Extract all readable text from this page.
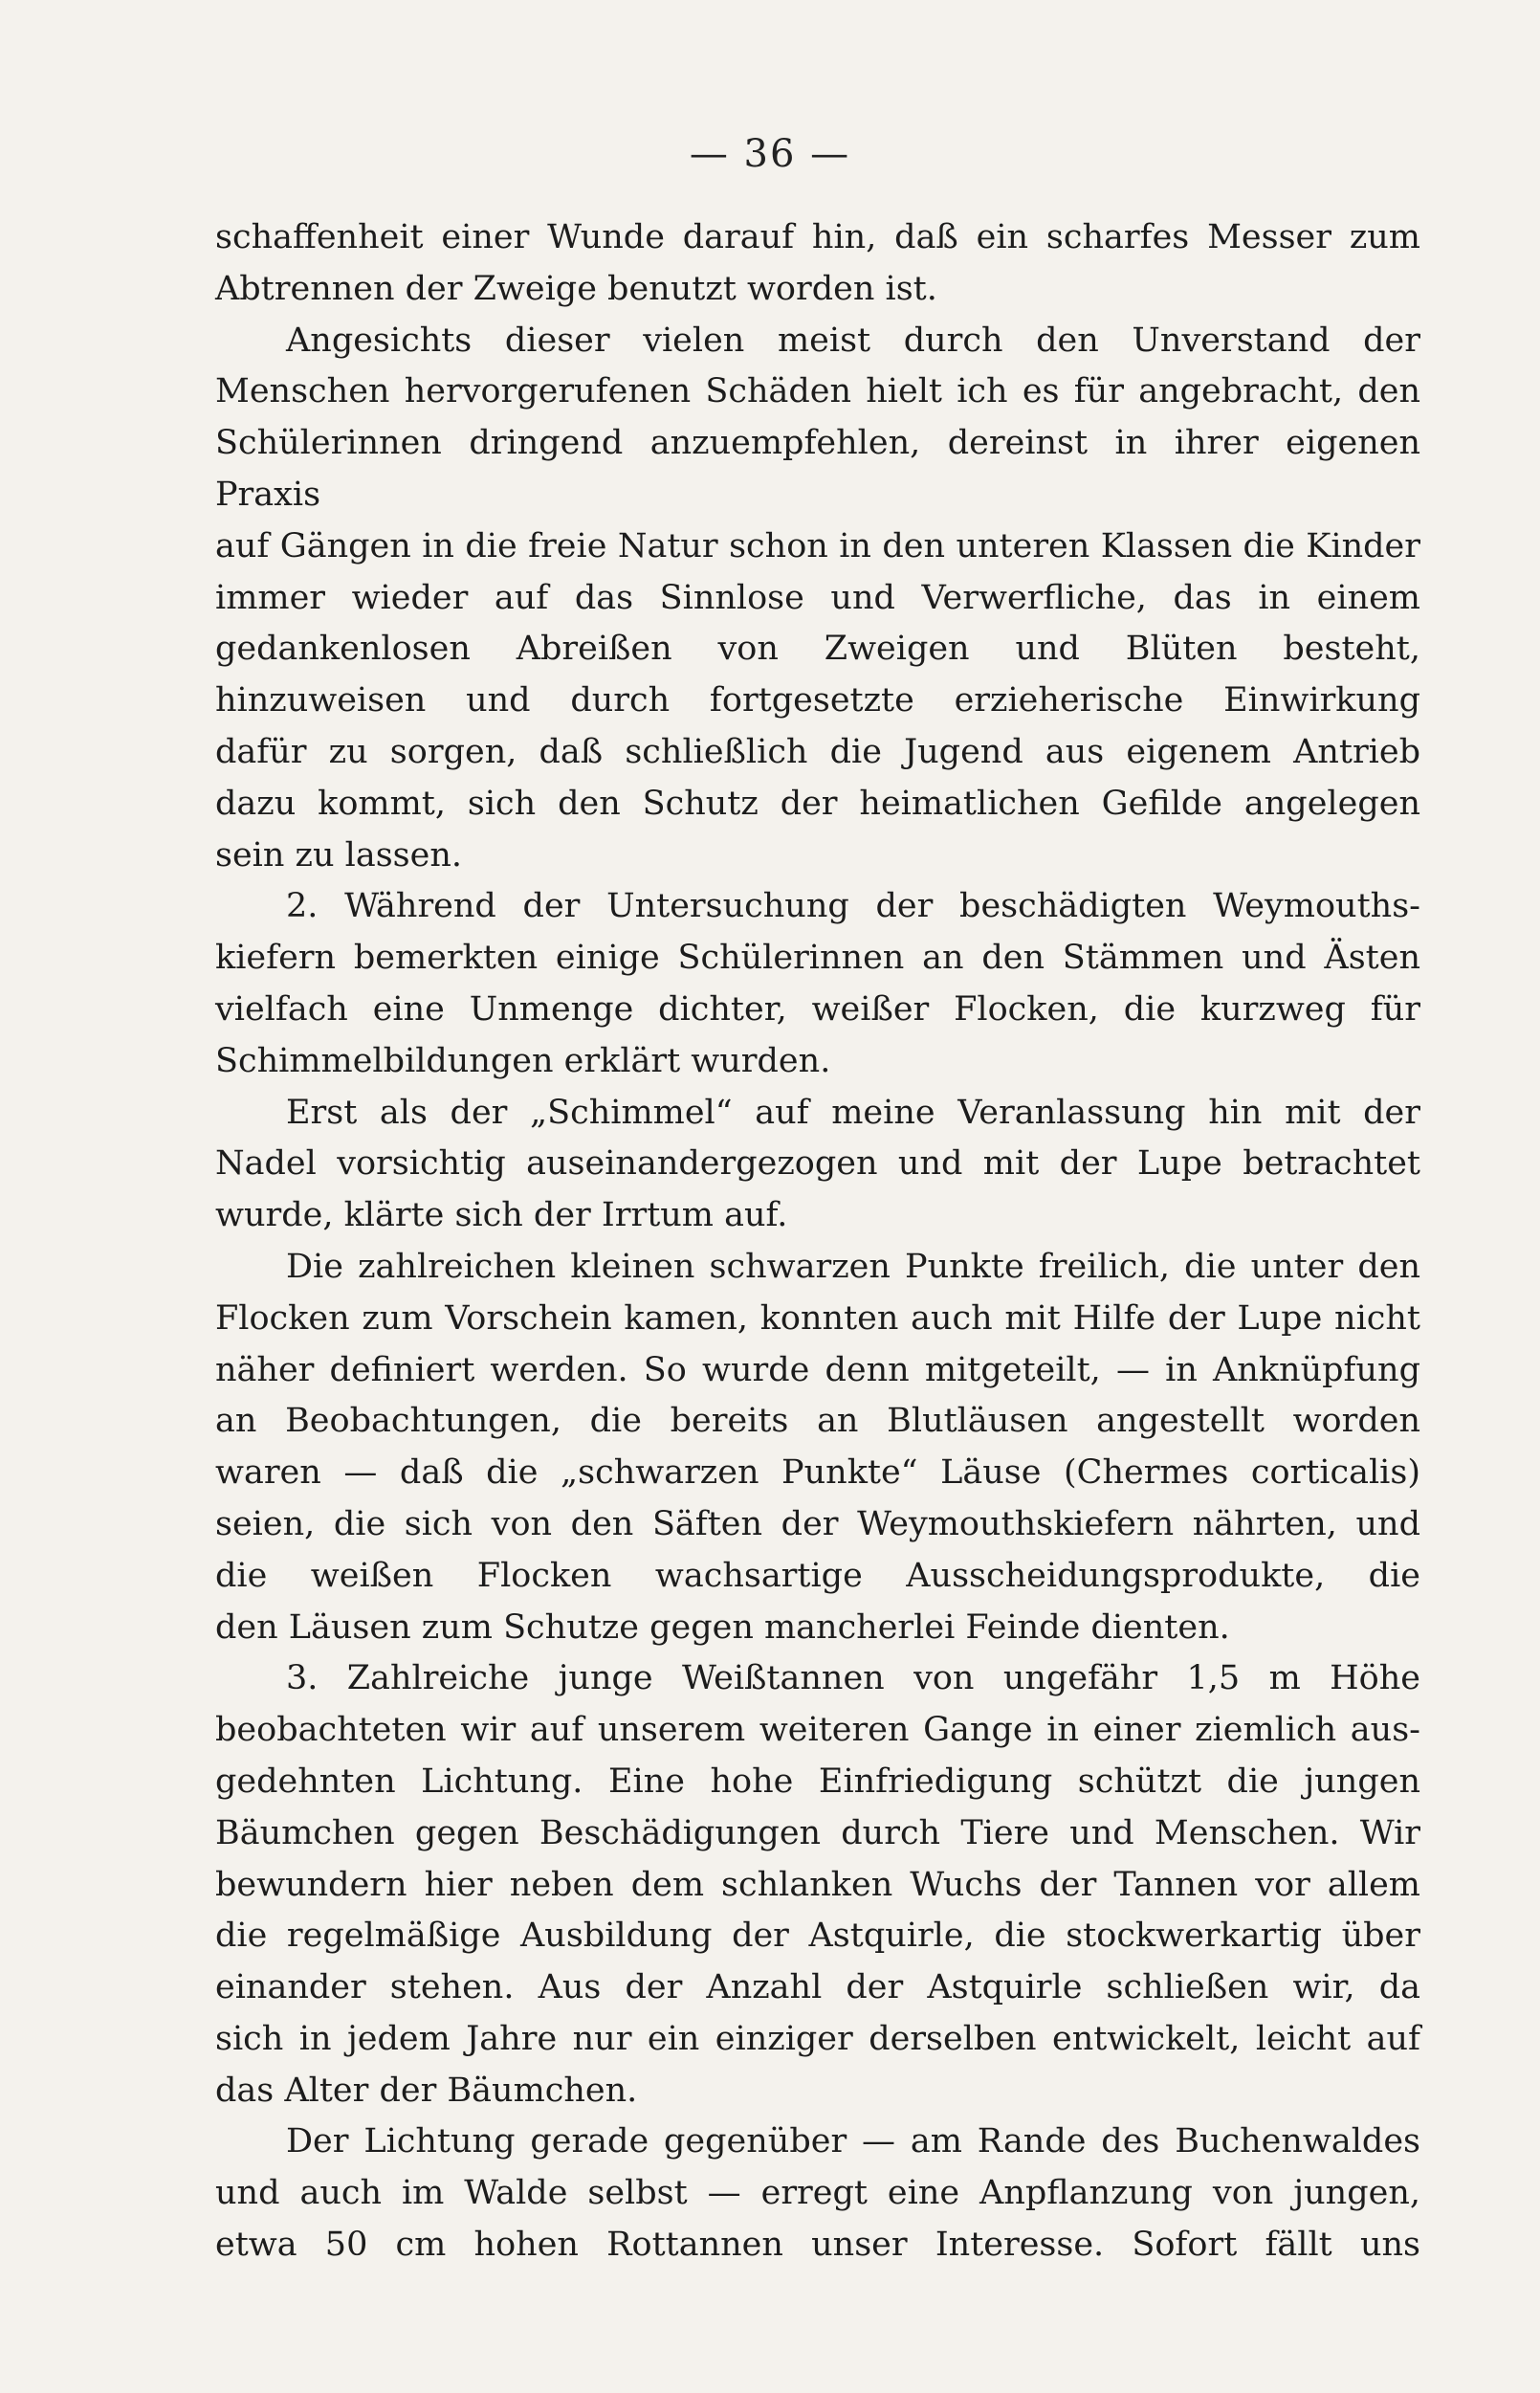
— 36 —

schaffenheit einer Wunde darauf hin, daß ein scharfes Messer zum

Abtrennen der Zweige benutzt worden ist.

Angesichts dieser vielen meist durch den Unverstand der

Menschen hervorgerufenen Schäden hielt ich es für angebracht, den

Schülerinnen dringend anzuempfehlen, dereinst in ihrer eigenen Praxis

auf Gängen in die freie Natur schon in den unteren Klassen die Kinder

immer wieder auf das Sinnlose und Verwerfliche, das in einem

gedankenlosen Abreißen von Zweigen und Blüten besteht,

hinzuweisen und durch fortgesetzte erzieherische Einwirkung

dafür zu sorgen, daß schließlich die Jugend aus eigenem Antrieb

dazu kommt, sich den Schutz der heimatlichen Gefilde angelegen

sein zu lassen.

2. Während der Untersuchung der beschädigten Weymouths-

kiefern bemerkten einige Schülerinnen an den Stämmen und Ästen

vielfach eine Unmenge dichter, weißer Flocken, die kurzweg für

Schimmelbildungen erklärt wurden.

Erst als der „Schimmel“ auf meine Veranlassung hin mit der

Nadel vorsichtig auseinandergezogen und mit der Lupe betrachtet

wurde, klärte sich der Irrtum auf.

Die zahlreichen kleinen schwarzen Punkte freilich, die unter den

Flocken zum Vorschein kamen, konnten auch mit Hilfe der Lupe nicht

näher definiert werden. So wurde denn mitgeteilt, — in Anknüpfung

an Beobachtungen, die bereits an Blutläusen angestellt worden

waren — daß die „schwarzen Punkte“ Läuse (Chermes corticalis)

seien, die sich von den Säften der Weymouthskiefern nährten, und

die weißen Flocken wachsartige Ausscheidungsprodukte, die

den Läusen zum Schutze gegen mancherlei Feinde dienten.

3. Zahlreiche junge Weißtannen von ungefähr 1,5 m Höhe

beobachteten wir auf unserem weiteren Gange in einer ziemlich aus-

gedehnten Lichtung. Eine hohe Einfriedigung schützt die jungen

Bäumchen gegen Beschädigungen durch Tiere und Menschen. Wir

bewundern hier neben dem schlanken Wuchs der Tannen vor allem

die regelmäßige Ausbildung der Astquirle, die stockwerkartig über

einander stehen. Aus der Anzahl der Astquirle schließen wir, da

sich in jedem Jahre nur ein einziger derselben entwickelt, leicht auf

das Alter der Bäumchen.

Der Lichtung gerade gegenüber — am Rande des Buchenwaldes

und auch im Walde selbst — erregt eine Anpflanzung von jungen,

etwa 50 cm hohen Rottannen unser Interesse. Sofort fällt uns
